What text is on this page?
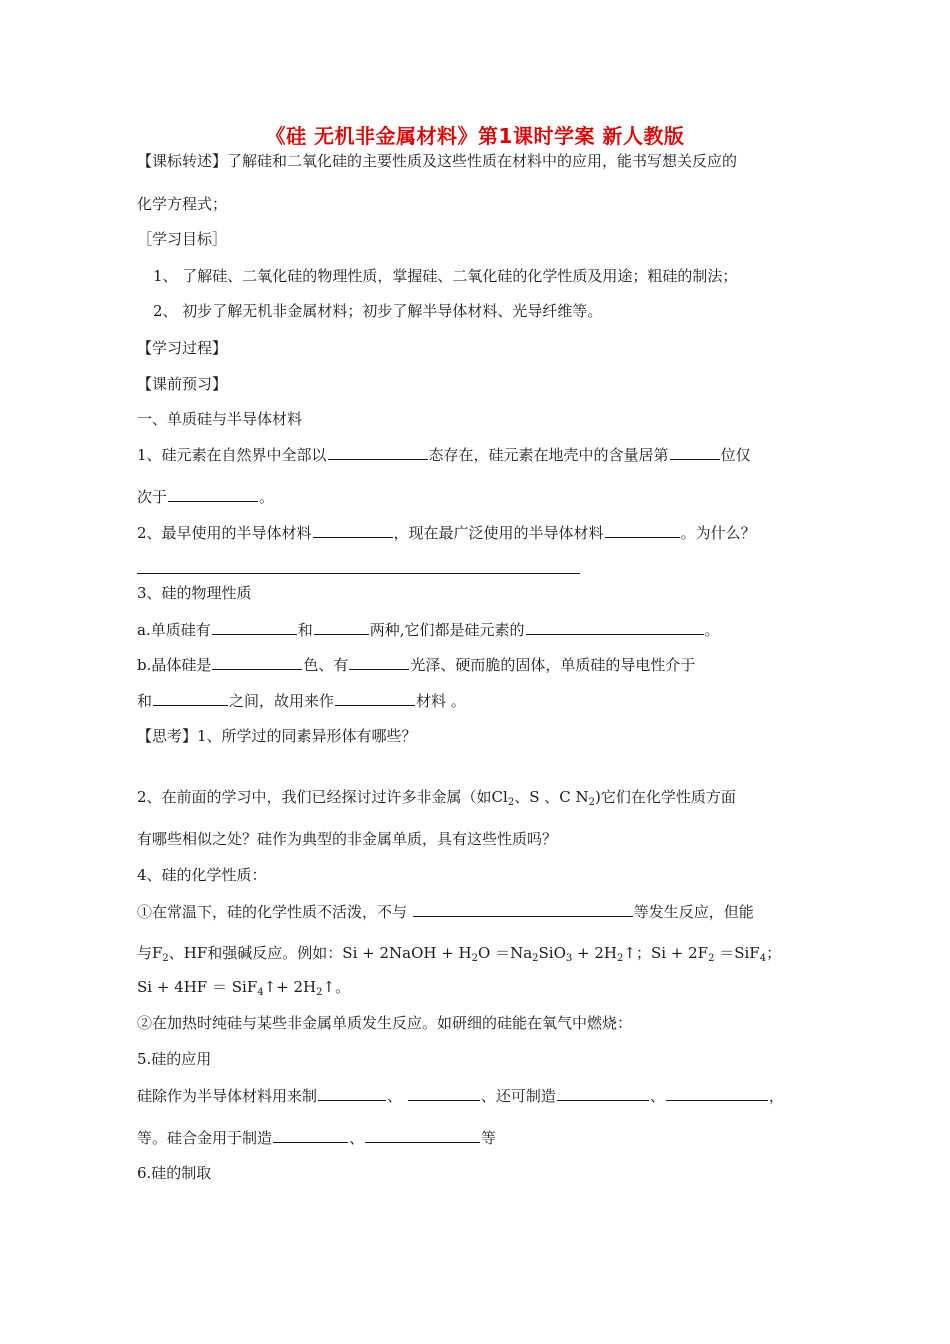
《硅 无机非金属材料》第1课时学案 新人教版
【课标转述】了解硅和二氧化硅的主要性质及这些性质在材料中的应用，能书写想关反应的
化学方程式；
［学习目标］
1、 了解硅、二氧化硅的物理性质，掌握硅、二氧化硅的化学性质及用途；粗硅的制法；
2、 初步了解无机非金属材料；初步了解半导体材料、光导纤维等。
【学习过程】
【课前预习】
一、单质硅与半导体材料
1、硅元素在自然界中全部以	态存在，硅元素在地壳中的含量居第	位仅
次于	。
2、最早使用的半导体材料	，现在最广泛使用的半导体材料	。为什么？
3、硅的物理性质
a.单质硅有	和	两种,它们都是硅元素的	。
b.晶体硅是	色、有	光泽、硬而脆的固体，单质硅的导电性介于
和	之间，故用来作	材料 。
【思考】1、所学过的同素异形体有哪些？
2、在前面的学习中，我们已经探讨过许多非金属（如$Cl_2$、S 、C $N_2$)它们在化学性质方面
有哪些相似之处？硅作为典型的非金属单质，具有这些性质吗？
4、硅的化学性质：
①在常温下，硅的化学性质不活泼，不与	等发生反应，但能
与$F_2$、HF和强碱反应。例如：Si + 2NaOH + $H_2O =Na_2SiO_3$ + $2H_2↑$；$Si + 2F_2 =SiF_4$；
Si + 4HF ＝ SiF$_4$↑+ $2H_2↑$。
②在加热时纯硅与某些非金属单质发生反应。如研细的硅能在氧气中燃烧：
5.硅的应用
硅除作为半导体材料用来制	、	、还可制造	、	，
等。硅合金用于制造	、	等
6.硅的制取
